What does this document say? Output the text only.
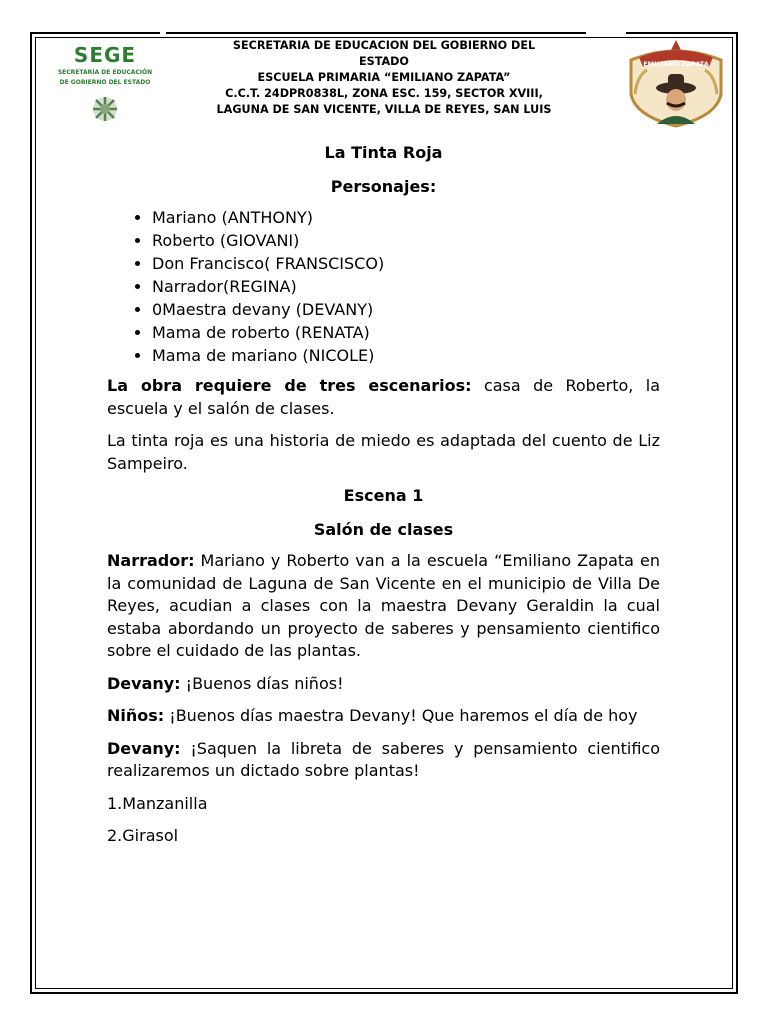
SEGE
SECRETARÍA DE EDUCACIÓN
DE GOBIERNO DEL ESTADO
SECRETARIA DE EDUCACION DEL GOBIERNO DEL
ESTADO
ESCUELA PRIMARIA “EMILIANO ZAPATA”
C.C.T. 24DPR0838L, ZONA ESC. 159, SECTOR XVIII,
LAGUNA DE SAN VICENTE, VILLA DE REYES, SAN LUIS
EMILIANO ZAPATA
La Tinta Roja
Personajes:
• Mariano (ANTHONY)
• Roberto (GIOVANI)
• Don Francisco( FRANSCISCO)
• Narrador(REGINA)
• 0Maestra devany (DEVANY)
• Mama de roberto (RENATA)
• Mama de mariano (NICOLE)

La obra requiere de tres escenarios: casa de Roberto, la escuela y el salón de clases.

La tinta roja es una historia de miedo es adaptada del cuento de Liz Sampeiro.

Escena 1
Salón de clases

Narrador: Mariano y Roberto van a la escuela “Emiliano Zapata en la comunidad de Laguna de San Vicente en el municipio de Villa De Reyes, acudian a clases con la maestra Devany Geraldin la cual estaba abordando un proyecto de saberes y pensamiento cientifico sobre el cuidado de las plantas.

Devany: ¡Buenos días niños!

Niños: ¡Buenos días maestra Devany! Que haremos el día de hoy

Devany: ¡Saquen la libreta de saberes y pensamiento cientifico realizaremos un dictado sobre plantas!

1.Manzanilla

2.Girasol
